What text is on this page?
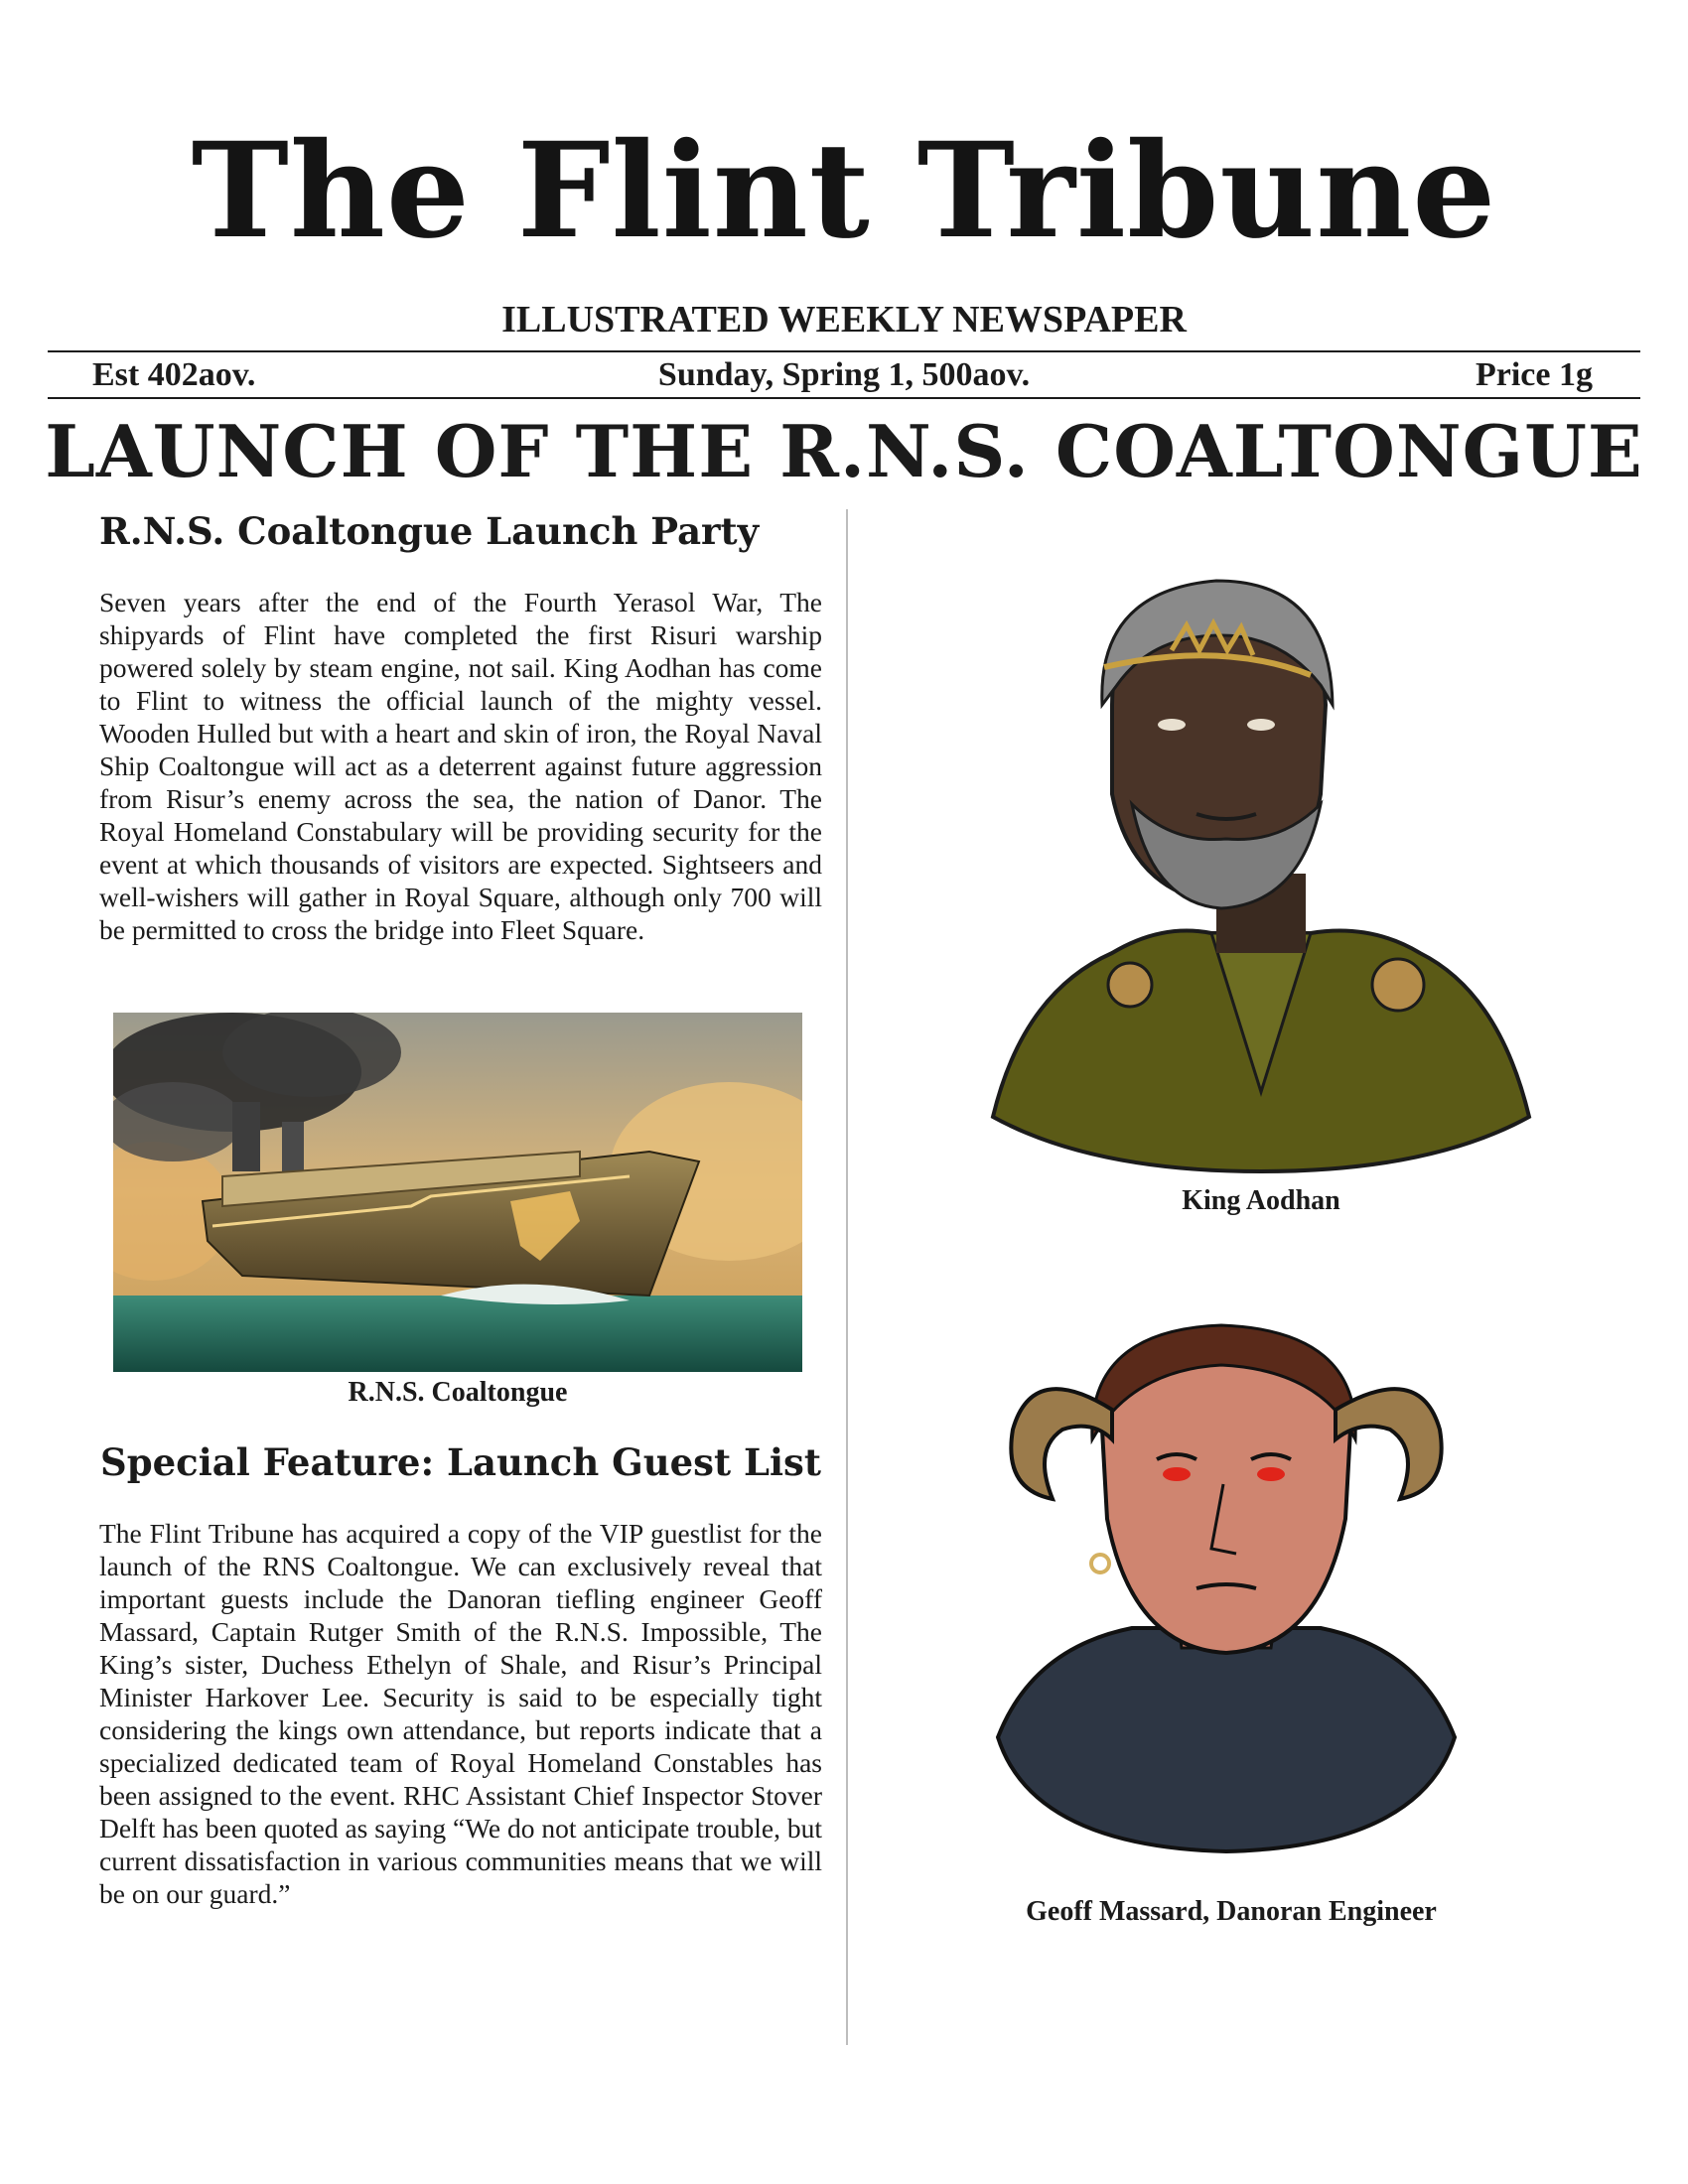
The Flint Tribune
ILLUSTRATED WEEKLY NEWSPAPER
Est 402aov.	Sunday, Spring 1, 500aov.	Price 1g
LAUNCH OF THE R.N.S. COALTONGUE
R.N.S. Coaltongue Launch Party
Seven years after the end of the Fourth Yerasol War, The shipyards of Flint have completed the first Risuri warship powered solely by steam engine, not sail. King Aodhan has come to Flint to witness the official launch of the mighty vessel. Wooden Hulled but with a heart and skin of iron, the Royal Naval Ship Coaltongue will act as a deterrent against future aggression from Risur’s enemy across the sea, the nation of Danor. The Royal Homeland Constabulary will be providing security for the event at which thousands of visitors are expected. Sightseers and well-wishers will gather in Royal Square, although only 700 will be permitted to cross the bridge into Fleet Square.
R.N.S. Coaltongue
Special Feature: Launch Guest List
The Flint Tribune has acquired a copy of the VIP guestlist for the launch of the RNS Coaltongue. We can exclusively reveal that important guests include the Danoran tiefling engineer Geoff Massard, Captain Rutger Smith of the R.N.S. Impossible, The King’s sister, Duchess Ethelyn of Shale, and Risur’s Principal Minister Harkover Lee. Security is said to be especially tight considering the kings own attendance, but reports indicate that a specialized dedicated team of Royal Homeland Constables has been assigned to the event. RHC Assistant Chief Inspector Stover Delft has been quoted as saying “We do not anticipate trouble, but current dissatisfaction in various communities means that we will be on our guard.”
King Aodhan
Geoff Massard, Danoran Engineer
